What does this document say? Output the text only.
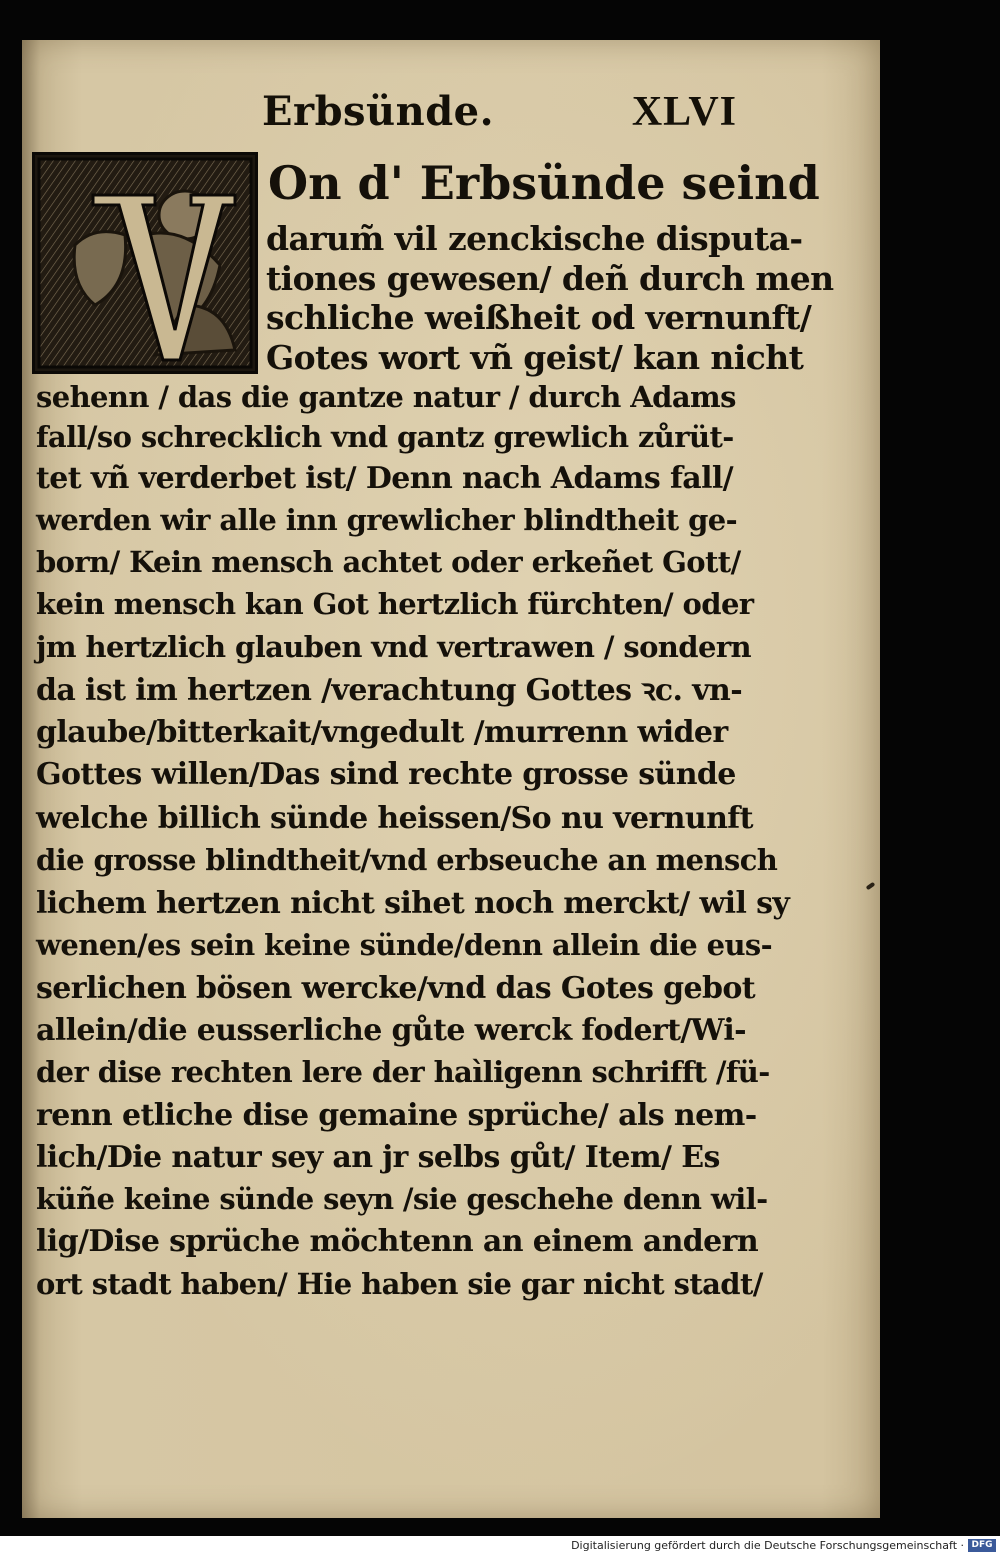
Erbsünde.	XLVI
On d' Erbsünde seind
darum̃ vil zenckische disputa-
tiones gewesen/ deñ durch men
schliche weißheit od vernunft/
Gotes wort vñ geist/ kan nicht
sehenn / das die gantze natur / durch Adams
fall/so schrecklich vnd gantz grewlich zůrüt-
tet vñ verderbet ist/ Denn nach Adams fall/
werden wir alle inn grewlicher blindtheit ge-
born/ Kein mensch achtet oder erkeñet Gott/
kein mensch kan Got hertzlich fürchten/ oder
jm hertzlich glauben vnd vertrawen / sondern
da ist im hertzen /verachtung Gottes ꝛc. vn-
glaube/bitterkait/vngedult /murrenn wider
Gottes willen/Das sind rechte grosse sünde
welche billich sünde heissen/So nu vernunft
die grosse blindtheit/vnd erbseuche an mensch
lichem hertzen nicht sihet noch merckt/ wil sy
wenen/es sein keine sünde/denn allein die eus-
serlichen bösen wercke/vnd das Gotes gebot
allein/die eusserliche gůte werck fodert/Wi-
der dise rechten lere der haìligenn schrifft /fü-
renn etliche dise gemaine sprüche/ als nem-
lich/Die natur sey an jr selbs gůt/ Item/ Es
küñe keine sünde seyn /sie geschehe denn wil-
lig/Dise sprüche möchtenn an einem andern
ort stadt haben/ Hie haben sie gar nicht stadt/
Digitalisierung gefördert durch die Deutsche Forschungsgemeinschaft · DFG
